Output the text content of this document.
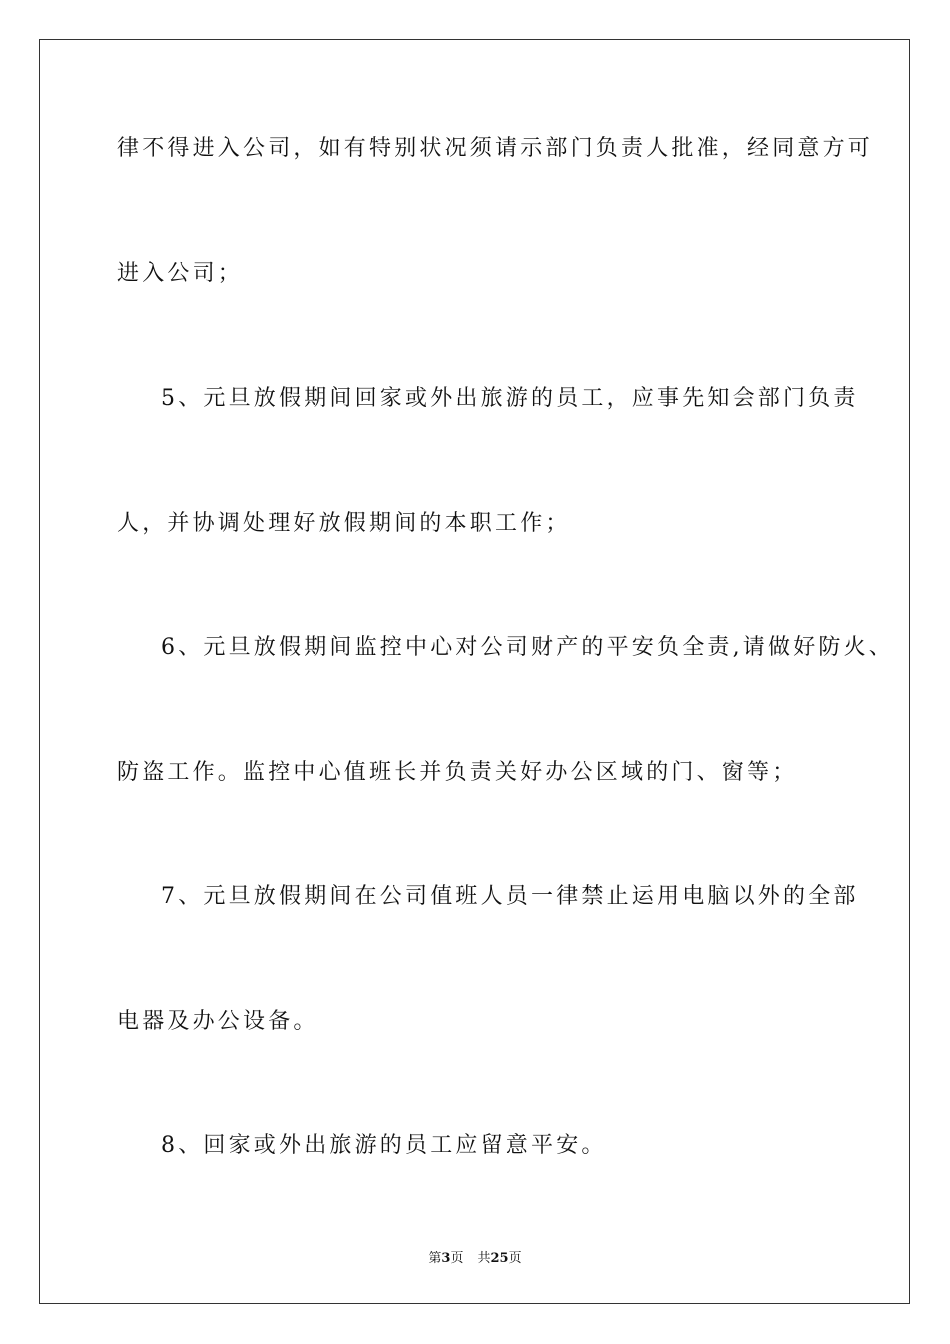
律不得进入公司，如有特别状况须请示部门负责人批准，经同意方可
进入公司；
5、元旦放假期间回家或外出旅游的员工，应事先知会部门负责
人，并协调处理好放假期间的本职工作；
6、元旦放假期间监控中心对公司财产的平安负全责,请做好防火、
防盗工作。监控中心值班长并负责关好办公区域的门、窗等；
7、元旦放假期间在公司值班人员一律禁止运用电脑以外的全部
电器及办公设备。
8、回家或外出旅游的员工应留意平安。
第3页 共25页
